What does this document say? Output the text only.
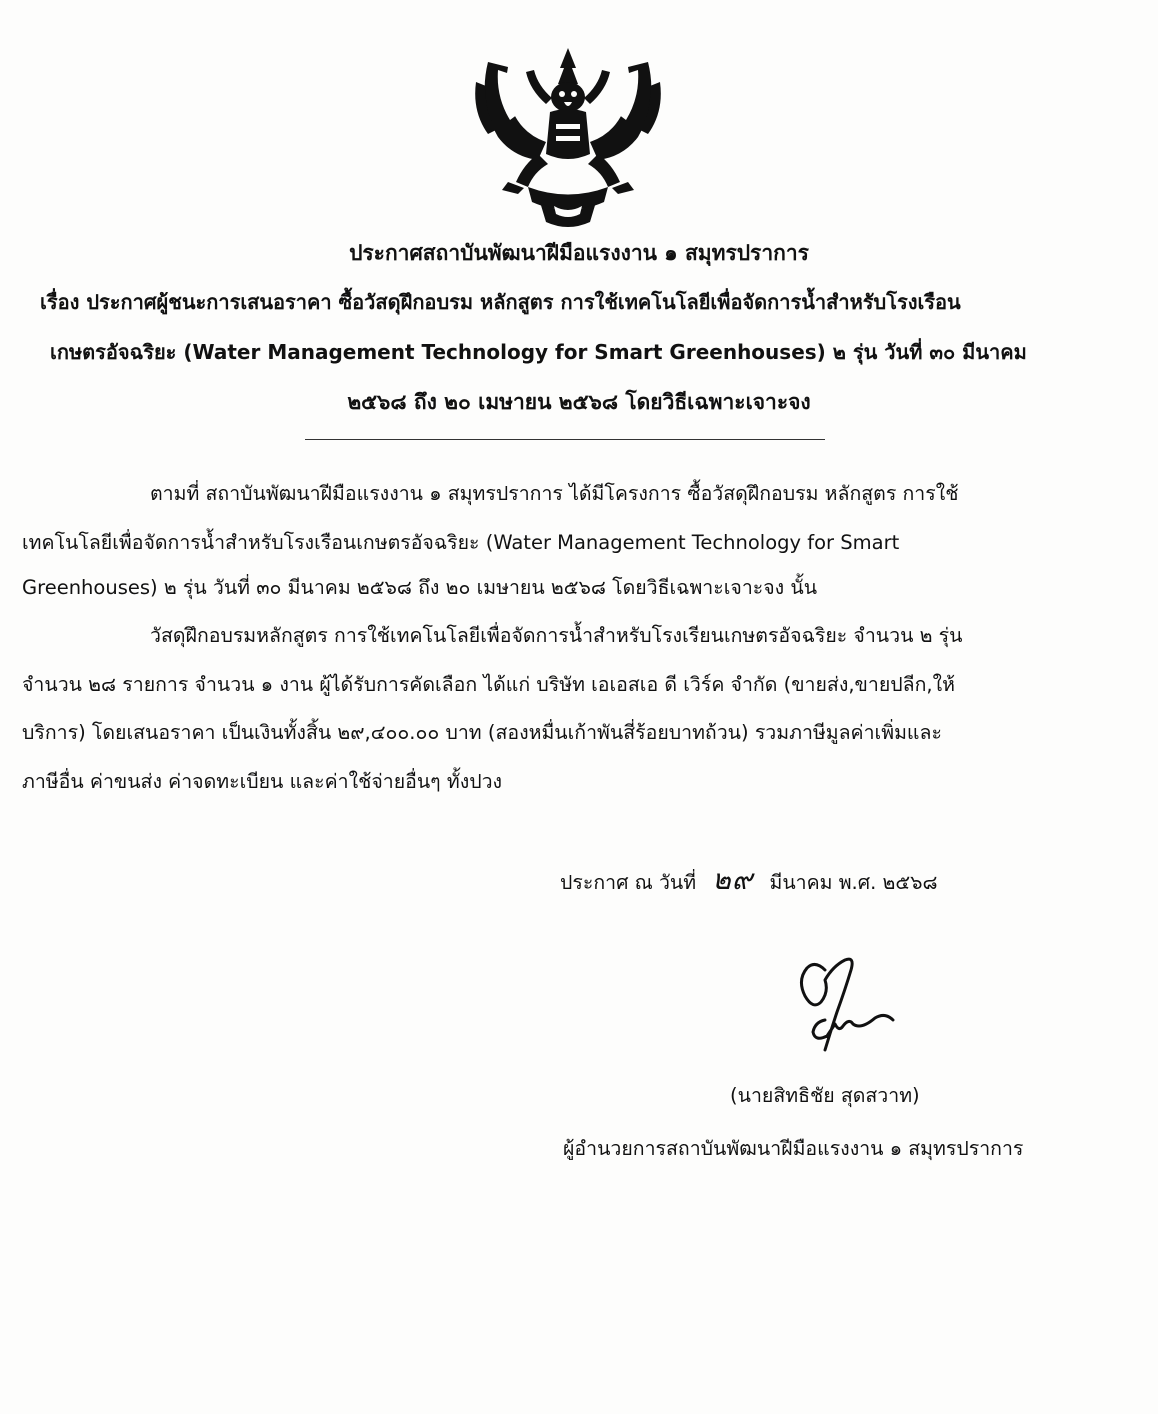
ประกาศสถาบันพัฒนาฝีมือแรงงาน ๑ สมุทรปราการ
เรื่อง ประกาศผู้ชนะการเสนอราคา ซื้อวัสดุฝึกอบรม หลักสูตร การใช้เทคโนโลยีเพื่อจัดการน้ำสำหรับโรงเรือน
เกษตรอัจฉริยะ (Water Management Technology for Smart Greenhouses) ๒ รุ่น วันที่ ๓๐ มีนาคม
๒๕๖๘ ถึง ๒๐ เมษายน ๒๕๖๘ โดยวิธีเฉพาะเจาะจง
ตามที่ สถาบันพัฒนาฝีมือแรงงาน ๑ สมุทรปราการ ได้มีโครงการ ซื้อวัสดุฝึกอบรม หลักสูตร การใช้
เทคโนโลยีเพื่อจัดการน้ำสำหรับโรงเรือนเกษตรอัจฉริยะ (Water Management Technology for Smart
Greenhouses) ๒ รุ่น วันที่ ๓๐ มีนาคม ๒๕๖๘ ถึง ๒๐ เมษายน ๒๕๖๘ โดยวิธีเฉพาะเจาะจง นั้น
วัสดุฝึกอบรมหลักสูตร การใช้เทคโนโลยีเพื่อจัดการน้ำสำหรับโรงเรียนเกษตรอัจฉริยะ จำนวน ๒ รุ่น
จำนวน ๒๘ รายการ จำนวน ๑ งาน ผู้ได้รับการคัดเลือก ได้แก่ บริษัท เอเอสเอ ดี เวิร์ค จำกัด (ขายส่ง,ขายปลีก,ให้
บริการ) โดยเสนอราคา เป็นเงินทั้งสิ้น ๒๙,๔๐๐.๐๐ บาท (สองหมื่นเก้าพันสี่ร้อยบาทถ้วน) รวมภาษีมูลค่าเพิ่มและ
ภาษีอื่น ค่าขนส่ง ค่าจดทะเบียน และค่าใช้จ่ายอื่นๆ ทั้งปวง
ประกาศ ณ วันที่ ๒๙ มีนาคม พ.ศ. ๒๕๖๘
(นายสิทธิชัย สุดสวาท)
ผู้อำนวยการสถาบันพัฒนาฝีมือแรงงาน ๑ สมุทรปราการ
